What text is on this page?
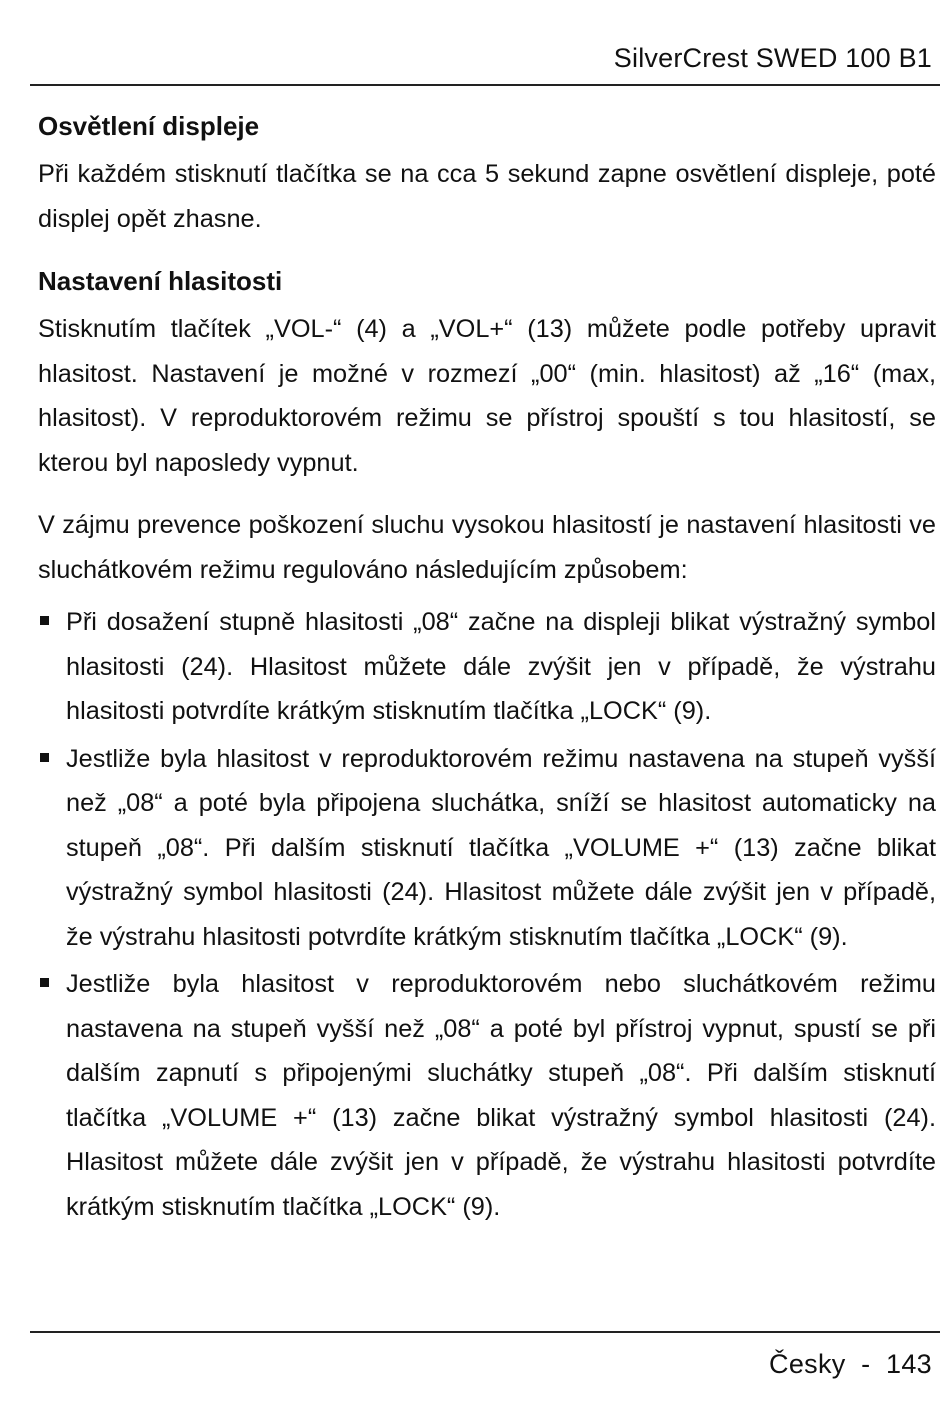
SilverCrest SWED 100 B1

Osvětlení displeje

Při každém stisknutí tlačítka se na cca 5 sekund zapne osvětlení displeje, poté displej opět zhasne.

Nastavení hlasitosti

Stisknutím tlačítek „VOL-“ (4) a „VOL+“ (13) můžete podle potřeby upravit hlasitost. Nastavení je možné v rozmezí „00“ (min. hlasitost) až „16“ (max, hlasitost). V reproduktorovém režimu se přístroj spouští s tou hlasitostí, se kterou byl naposledy vypnut.

V zájmu prevence poškození sluchu vysokou hlasitostí je nastavení hlasitosti ve sluchátkovém režimu regulováno následujícím způsobem:

Při dosažení stupně hlasitosti „08“ začne na displeji blikat výstražný symbol hlasitosti (24). Hlasitost můžete dále zvýšit jen v případě, že výstrahu hlasitosti potvrdíte krátkým stisknutím tlačítka „LOCK“ (9).
Jestliže byla hlasitost v reproduktorovém režimu nastavena na stupeň vyšší než „08“ a poté byla připojena sluchátka, sníží se hlasitost automaticky na stupeň „08“. Při dalším stisknutí tlačítka „VOLUME +“ (13) začne blikat výstražný symbol hlasitosti (24). Hlasitost můžete dále zvýšit jen v případě, že výstrahu hlasitosti potvrdíte krátkým stisknutím tlačítka „LOCK“ (9).
Jestliže byla hlasitost v reproduktorovém nebo sluchátkovém režimu nastavena na stupeň vyšší než „08“ a poté byl přístroj vypnut, spustí se při dalším zapnutí s připojenými sluchátky stupeň „08“. Při dalším stisknutí tlačítka „VOLUME +“ (13) začne blikat výstražný symbol hlasitosti (24). Hlasitost můžete dále zvýšit jen v případě, že výstrahu hlasitosti potvrdíte krátkým stisknutím tlačítka „LOCK“ (9).

Česky  -  143
